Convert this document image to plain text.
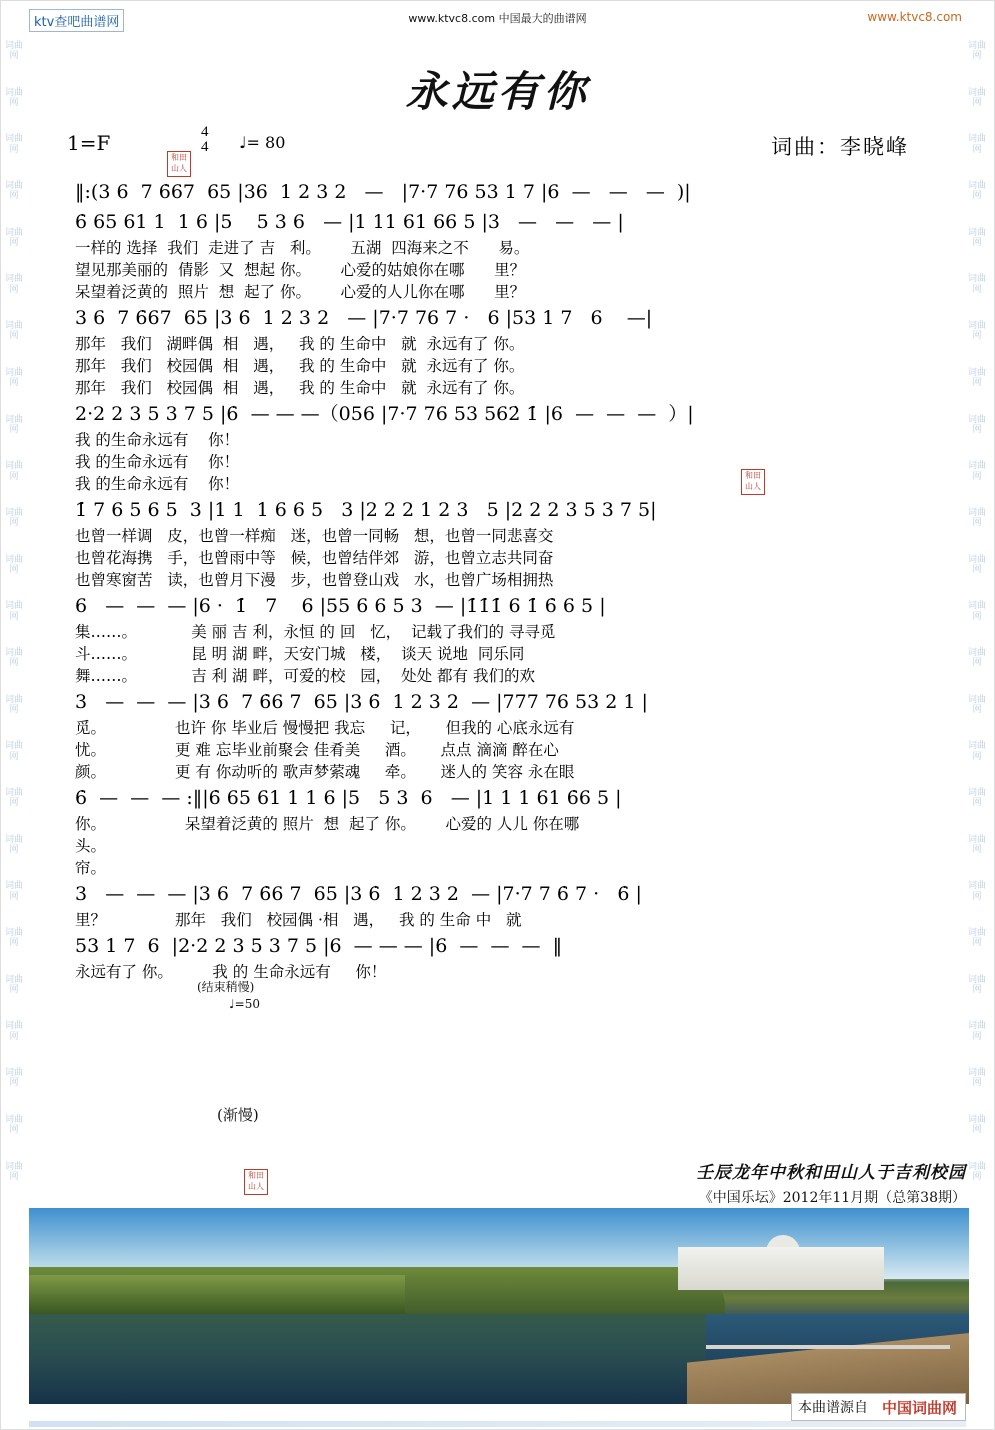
词曲网
词曲网
词曲网
词曲网
词曲网
词曲网
词曲网
词曲网
词曲网
词曲网
词曲网
词曲网
词曲网
词曲网
词曲网
词曲网
词曲网
词曲网
词曲网
词曲网
词曲网
词曲网
词曲网
词曲网
词曲网
词曲网
词曲网
词曲网
词曲网
词曲网
词曲网
词曲网
词曲网
词曲网
词曲网
词曲网
词曲网
词曲网
词曲网
词曲网
词曲网
词曲网
词曲网
词曲网
词曲网
词曲网
词曲网
词曲网
词曲网
词曲网
ktv查吧曲谱网	www.ktvc8.com 中国最大的曲谱网	www.ktvc8.com
永远有你
1=F	4
4 ♩= 80	词曲：李晓峰
和田山人
和田山人
和田山人
‖:(3 6  7 6̇67  65 |36  1 2 3 2   —   |7·7 76 53 1 7 |6  —   —   —  )|
6̇ 65 61 1  1 6 |5    5 3 6   — |1 11 61 66 5 |3   —   —   — |
一样的 选择  我们  走进了 吉   利。      五湖  四海来之不      易。
望见那美丽的  倩影  又  想起 你。      心爱的姑娘你在哪      里？
呆望着泛黄的  照片  想  起了 你。      心爱的人儿你在哪      里？
3 6  7 6̇67  65 |3 6̇  1 2 3 2   — |7·7 76 7 ·   6 |53 1 7   6    —|
那年   我们   湖畔偶  相   遇，   我 的 生命中   就  永远有了 你。
那年   我们   校园偶  相   遇，   我 的 生命中   就  永远有了 你。
那年   我们   校园偶  相   遇，   我 的 生命中   就  永远有了 你。
2·2 2 3 5 3 7 5 |6̇  — — —（056 |7·7 76 53 562̇ 1̇ |6  —  —  —  ）|
我 的生命永远有    你！
我 的生命永远有    你！
我 的生命永远有    你！
1̇ 7 6 5 6 5  3 |1 1  1 6 6 5   3 |2 2 2 1 2 3   5 |2 2 2 3 5 3 7 5|
也曾一样调   皮，也曾一样痴   迷，也曾一同畅   想，也曾一同悲喜交
也曾花海携   手，也曾雨中等   候，也曾结伴郊   游，也曾立志共同奋
也曾寒窗苦   读，也曾月下漫   步，也曾登山戏   水，也曾广场相拥热
6   —  —  — |6 ·  1̇   7    6 |55 6 6 5 3  — |1̇1̇1̇ 6 1̇ 6̇ 6 5 |
集……。           美 丽 吉 利，永恒 的 回   忆，  记载了我们的 寻寻觅
斗……。           昆 明 湖 畔，天安门城   楼，  谈天 说地  同乐同
舞……。           吉 利 湖 畔，可爱的校   园，  处处 都有 我们的欢
3   —  —  — |3 6  7 6̇6 7  65 |3 6̇  1 2 3 2  — |777 76 53 2 1 |
觅。              也许 你 毕业后 慢慢把 我忘     记，     但我的 心底永远有
忧。              更 难 忘毕业前聚会 佳肴美     酒。     点点 滴滴 醉在心
颜。              更 有 你动听的 歌声梦萦魂     牵。     迷人的 笑容 永在眼
6̇  —  —  — :‖|6̇ 65 61 1 1 6 |5   5 3  6   — |1 1 1 61 6̇6 5 |
你。                呆望着泛黄的 照片  想  起了 你。      心爱的 人儿 你在哪
头。
帘。
3   —  —  — |3 6  7 6̇6 7  65 |3 6̇  1 2 3 2  — |7·7 7 6̇ 7 ·   6̇ |
里？              那年   我们   校园偶 ·相   遇，   我 的 生命 中   就
53 1 7  6  |2·2 2 3 5 3 7 5 |6  — — — |6  —  —  —  ‖
永远有了 你。        我 的 生命永远有     你！
(结束稍慢)
♩=50
(渐慢)
壬辰龙年中秋和田山人于吉利校园
《中国乐坛》2012年11月期（总第38期）
本曲谱源自 中国词曲网
